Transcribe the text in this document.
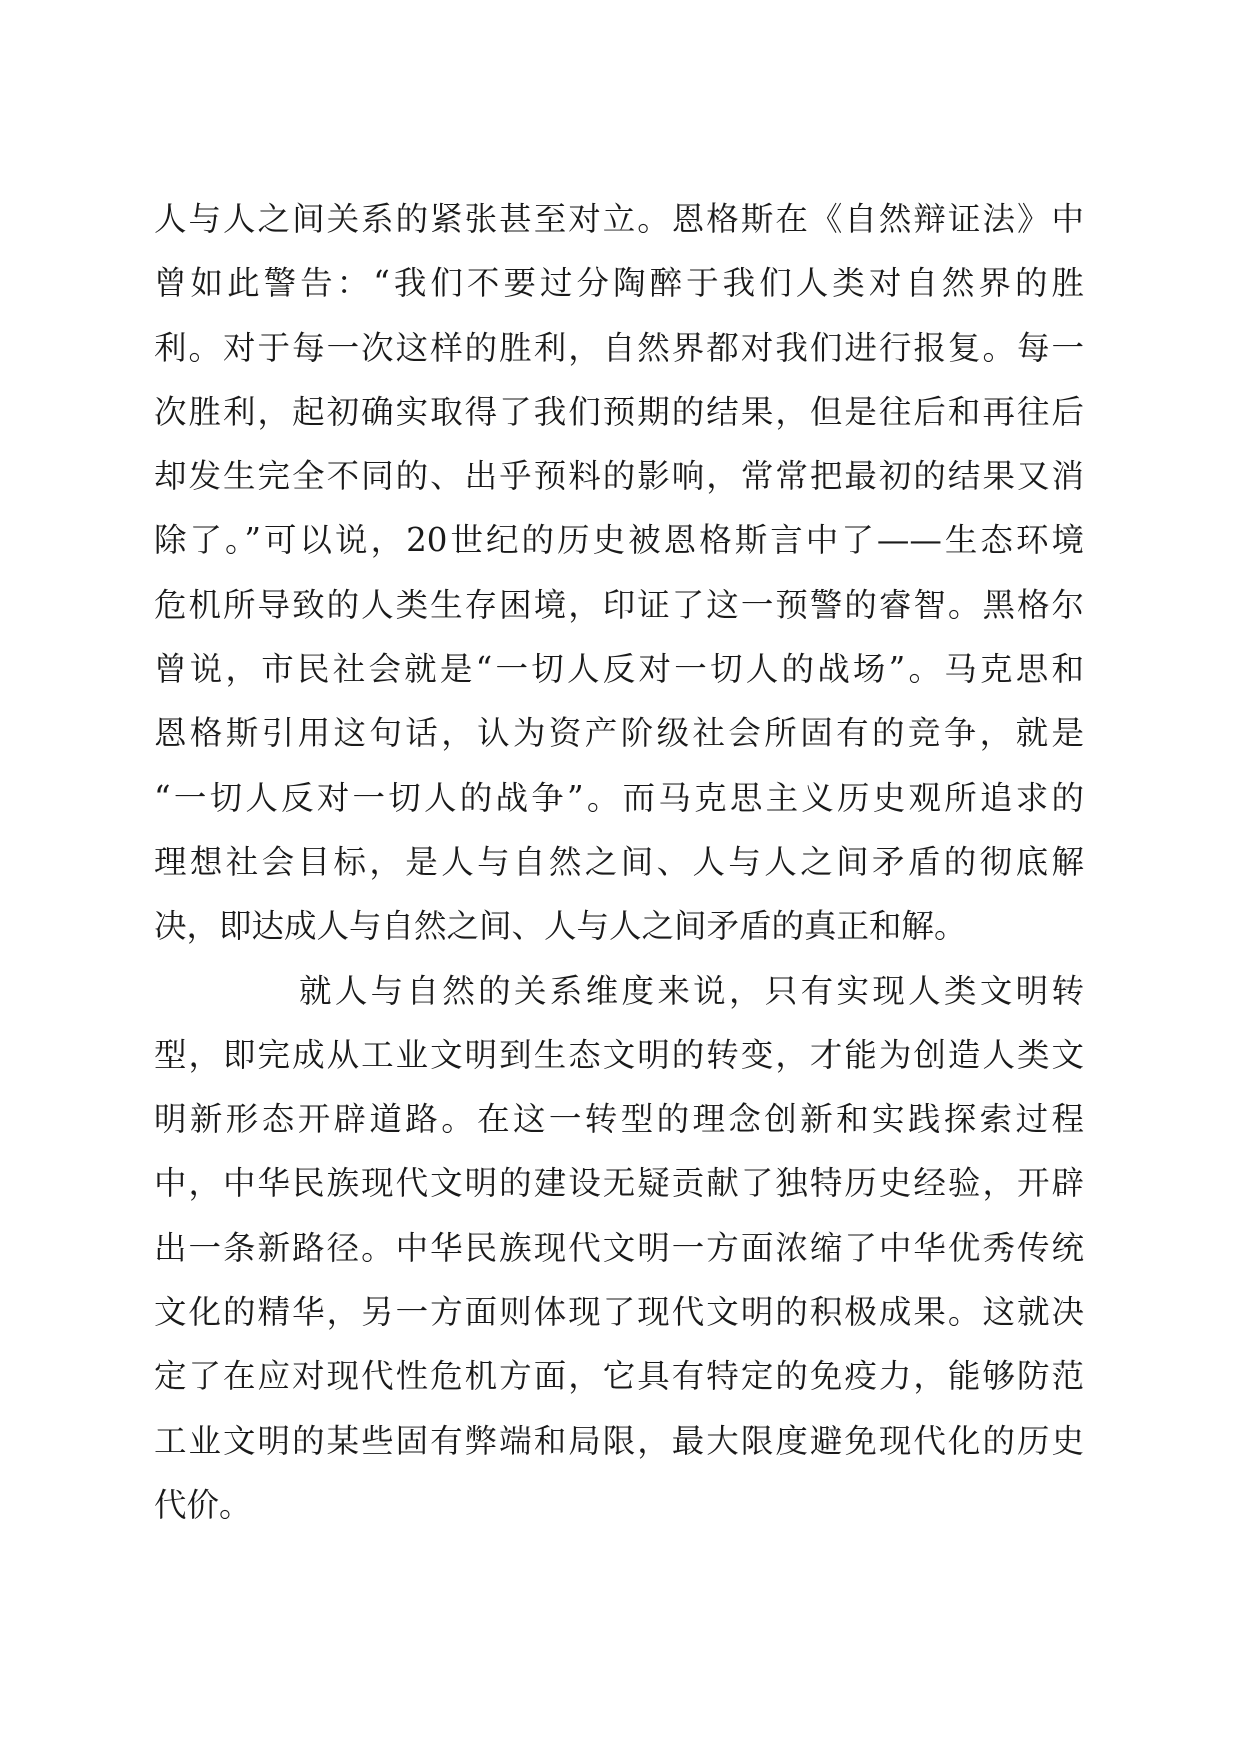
人与人之间关系的紧张甚至对立。恩格斯在《自然辩证法》中
曾如此警告：“我们不要过分陶醉于我们人类对自然界的胜
利。对于每一次这样的胜利，自然界都对我们进行报复。每一
次胜利，起初确实取得了我们预期的结果，但是往后和再往后
却发生完全不同的、出乎预料的影响，常常把最初的结果又消
除了。”可以说，20世纪的历史被恩格斯言中了——生态环境
危机所导致的人类生存困境，印证了这一预警的睿智。黑格尔
曾说，市民社会就是“一切人反对一切人的战场”。马克思和
恩格斯引用这句话，认为资产阶级社会所固有的竞争，就是
“一切人反对一切人的战争”。而马克思主义历史观所追求的
理想社会目标，是人与自然之间、人与人之间矛盾的彻底解
决，即达成人与自然之间、人与人之间矛盾的真正和解。
就人与自然的关系维度来说，只有实现人类文明转
型，即完成从工业文明到生态文明的转变，才能为创造人类文
明新形态开辟道路。在这一转型的理念创新和实践探索过程
中，中华民族现代文明的建设无疑贡献了独特历史经验，开辟
出一条新路径。中华民族现代文明一方面浓缩了中华优秀传统
文化的精华，另一方面则体现了现代文明的积极成果。这就决
定了在应对现代性危机方面，它具有特定的免疫力，能够防范
工业文明的某些固有弊端和局限，最大限度避免现代化的历史
代价。
